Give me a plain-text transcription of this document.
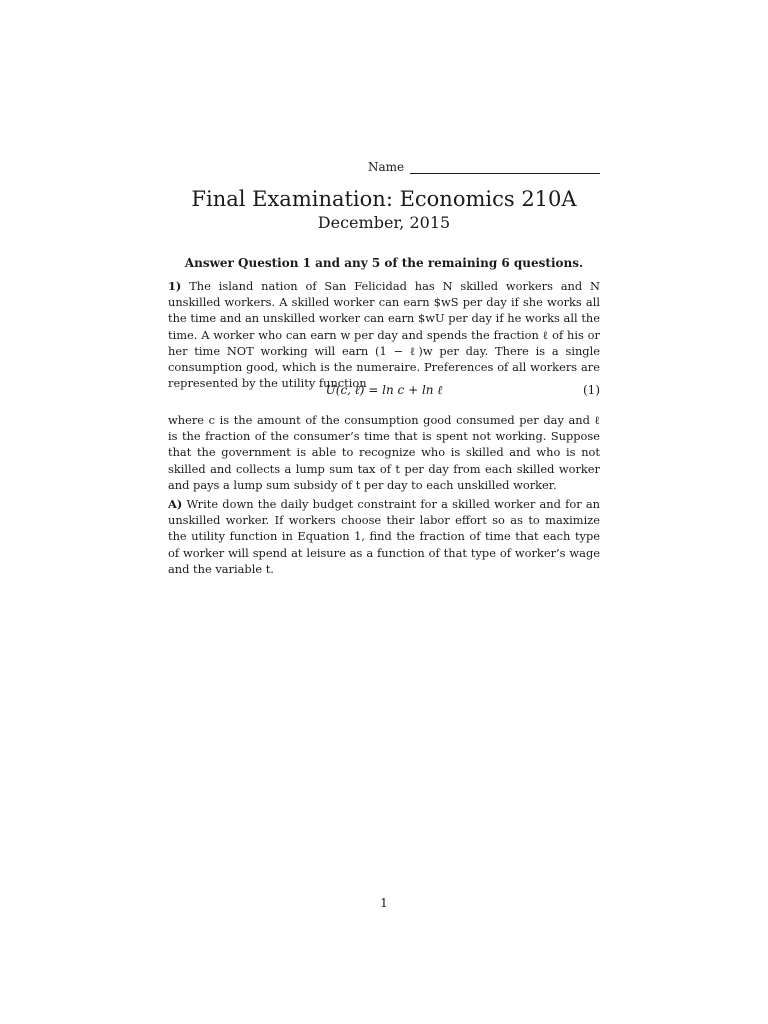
Name
Final Examination: Economics 210A
December, 2015
Answer Question 1 and any 5 of the remaining 6 questions.
1) The island nation of San Felicidad has N skilled workers and N unskilled workers. A skilled worker can earn $wS per day if she works all the time and an unskilled worker can earn $wU per day if he works all the time. A worker who can earn w per day and spends the fraction ℓ of his or her time NOT working will earn (1 − ℓ)w per day. There is a single consumption good, which is the numeraire. Preferences of all workers are represented by the utility function
U(c, ℓ) = ln c + ln ℓ	(1)
where c is the amount of the consumption good consumed per day and ℓ is the fraction of the consumer’s time that is spent not working. Suppose that the government is able to recognize who is skilled and who is not skilled and collects a lump sum tax of t per day from each skilled worker and pays a lump sum subsidy of t per day to each unskilled worker.
A) Write down the daily budget constraint for a skilled worker and for an unskilled worker. If workers choose their labor effort so as to maximize the utility function in Equation 1, find the fraction of time that each type of worker will spend at leisure as a function of that type of worker’s wage and the variable t.
1
